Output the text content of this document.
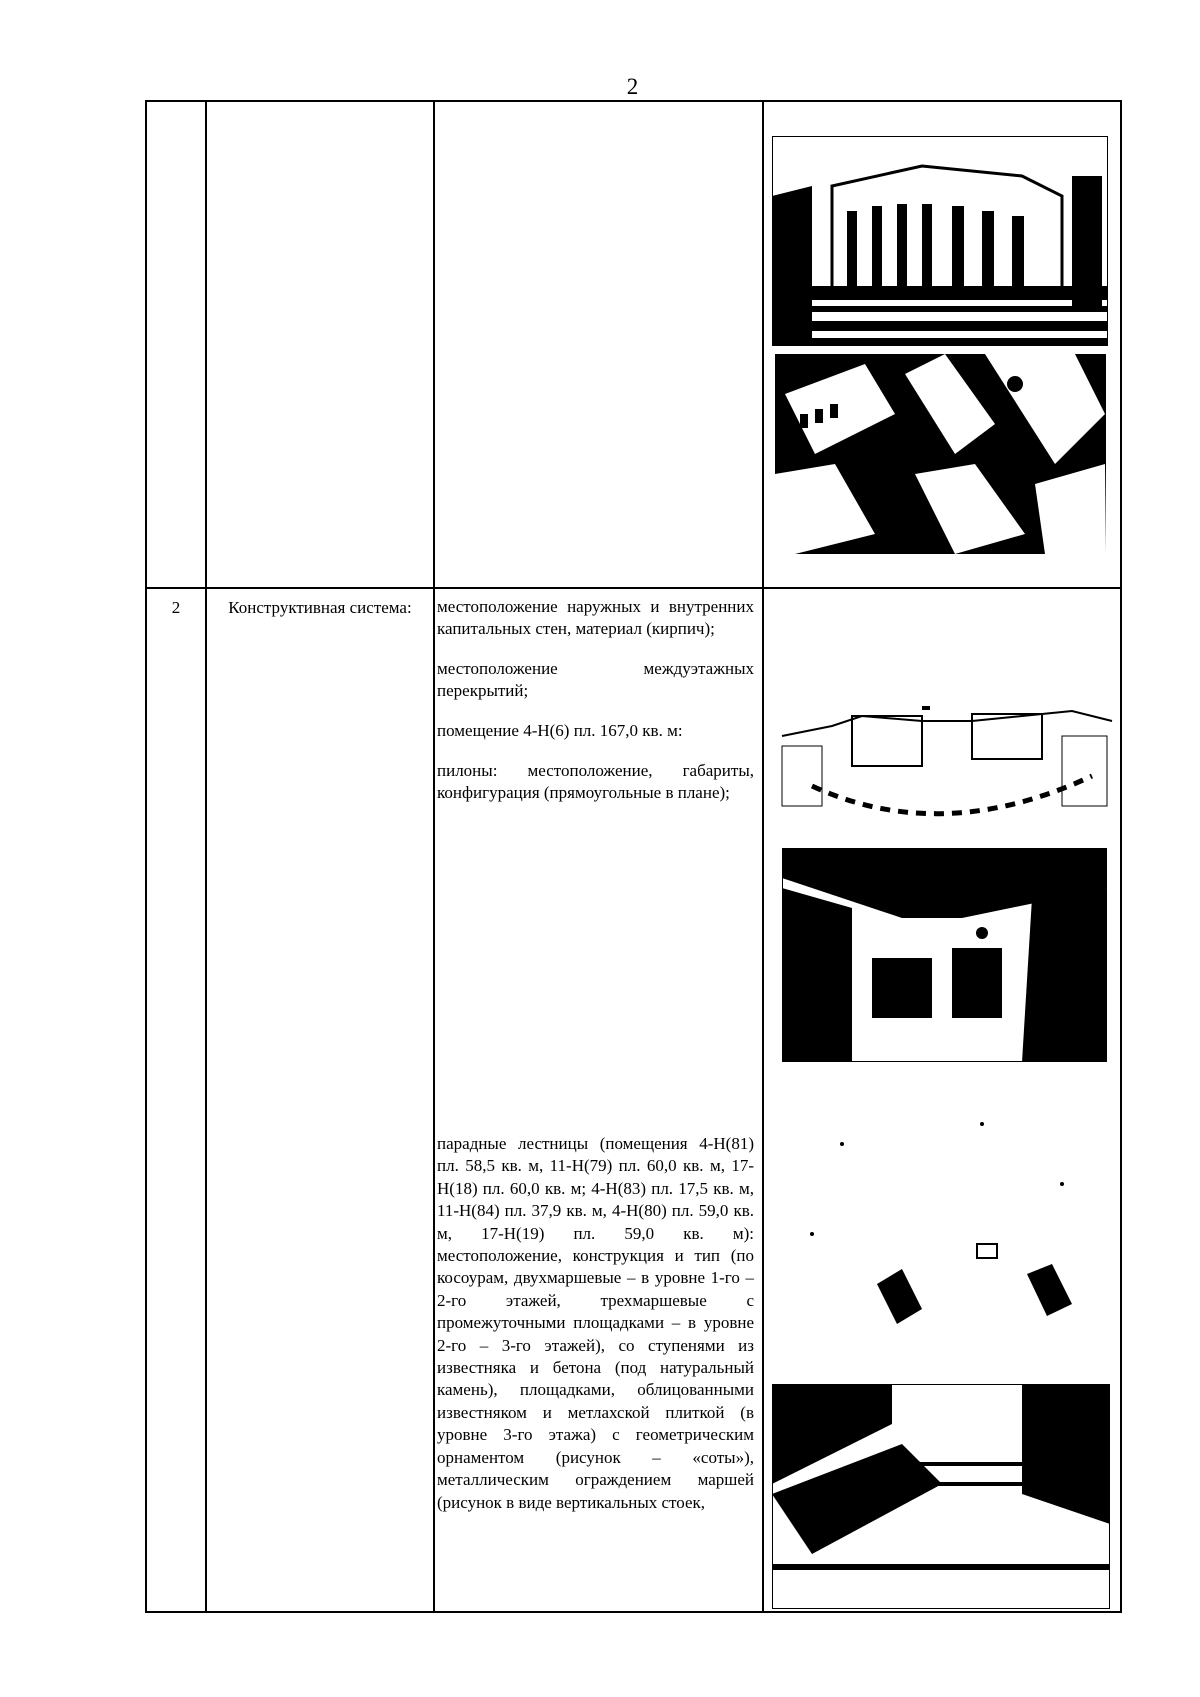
2
2	Конструктивная система:	местоположение наружных и внутренних капитальных стен, материал (кирпич);

местоположение междуэтажных перекрытий;

помещение 4-Н(6) пл. 167,0 кв. м:

пилоны: местоположение, габариты, конфигурация (прямоугольные в плане);

парадные лестницы (помещения 4-Н(81) пл. 58,5 кв. м, 11-Н(79) пл. 60,0 кв. м, 17-Н(18) пл. 60,0 кв. м; 4-Н(83) пл. 17,5 кв. м, 11-Н(84) пл. 37,9 кв. м, 4-Н(80) пл. 59,0 кв. м, 17-Н(19) пл. 59,0 кв. м): местоположение, конструкция и тип (по косоурам, двухмаршевые – в уровне 1-го – 2-го этажей, трехмаршевые с промежуточными площадками – в уровне 2-го – 3-го этажей), со ступенями из известняка и бетона (под натуральный камень), площадками, облицованными известняком и метлахской плиткой (в уровне 3-го этажа) с геометрическим орнаментом (рисунок – «соты»), металлическим ограждением маршей (рисунок в виде вертикальных стоек,
